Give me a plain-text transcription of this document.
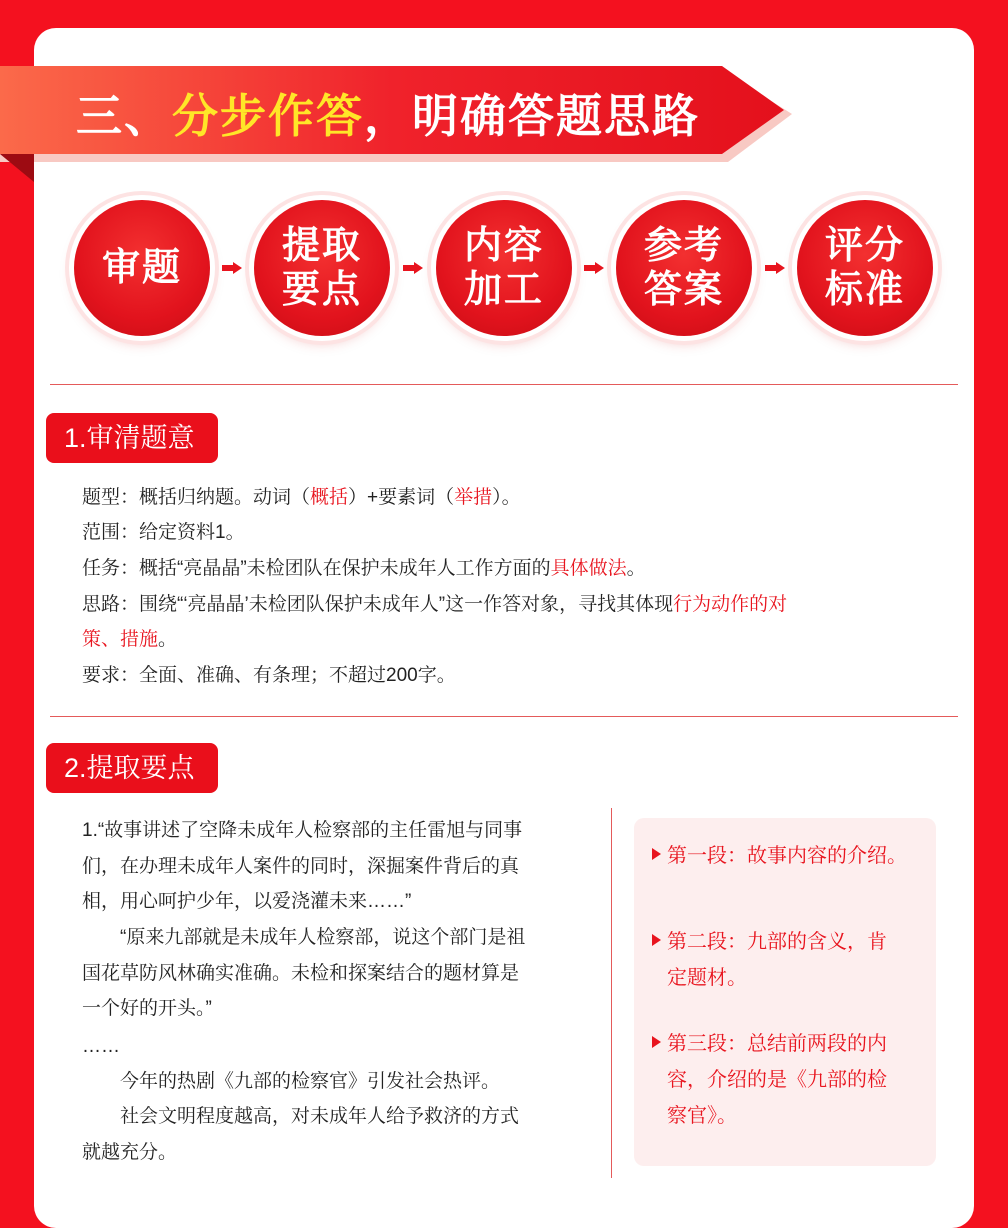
三、分步作答，明确答题思路
审题
提取
要点
内容
加工
参考
答案
评分
标准
1.审清题意
题型：概括归纳题。动词（概括）+要素词（举措）。
范围：给定资料1。
任务：概括“亮晶晶”未检团队在保护未成年人工作方面的具体做法。
思路：围绕“‘亮晶晶’未检团队保护未成年人”这一作答对象，寻找其体现行为动作的对
策、措施。
要求：全面、准确、有条理；不超过200字。
2.提取要点
1.“故事讲述了空降未成年人检察部的主任雷旭与同事
们，在办理未成年人案件的同时，深掘案件背后的真
相，用心呵护少年，以爱浇灌未来……”
　　“原来九部就是未成年人检察部，说这个部门是祖
国花草防风林确实准确。未检和探案结合的题材算是
一个好的开头。”
……
　　今年的热剧《九部的检察官》引发社会热评。
　　社会文明程度越高，对未成年人给予救济的方式
就越充分。
第一段：故事内容的介绍。
第二段：九部的含义，肯
定题材。
第三段：总结前两段的内
容，介绍的是《九部的检
察官》。
